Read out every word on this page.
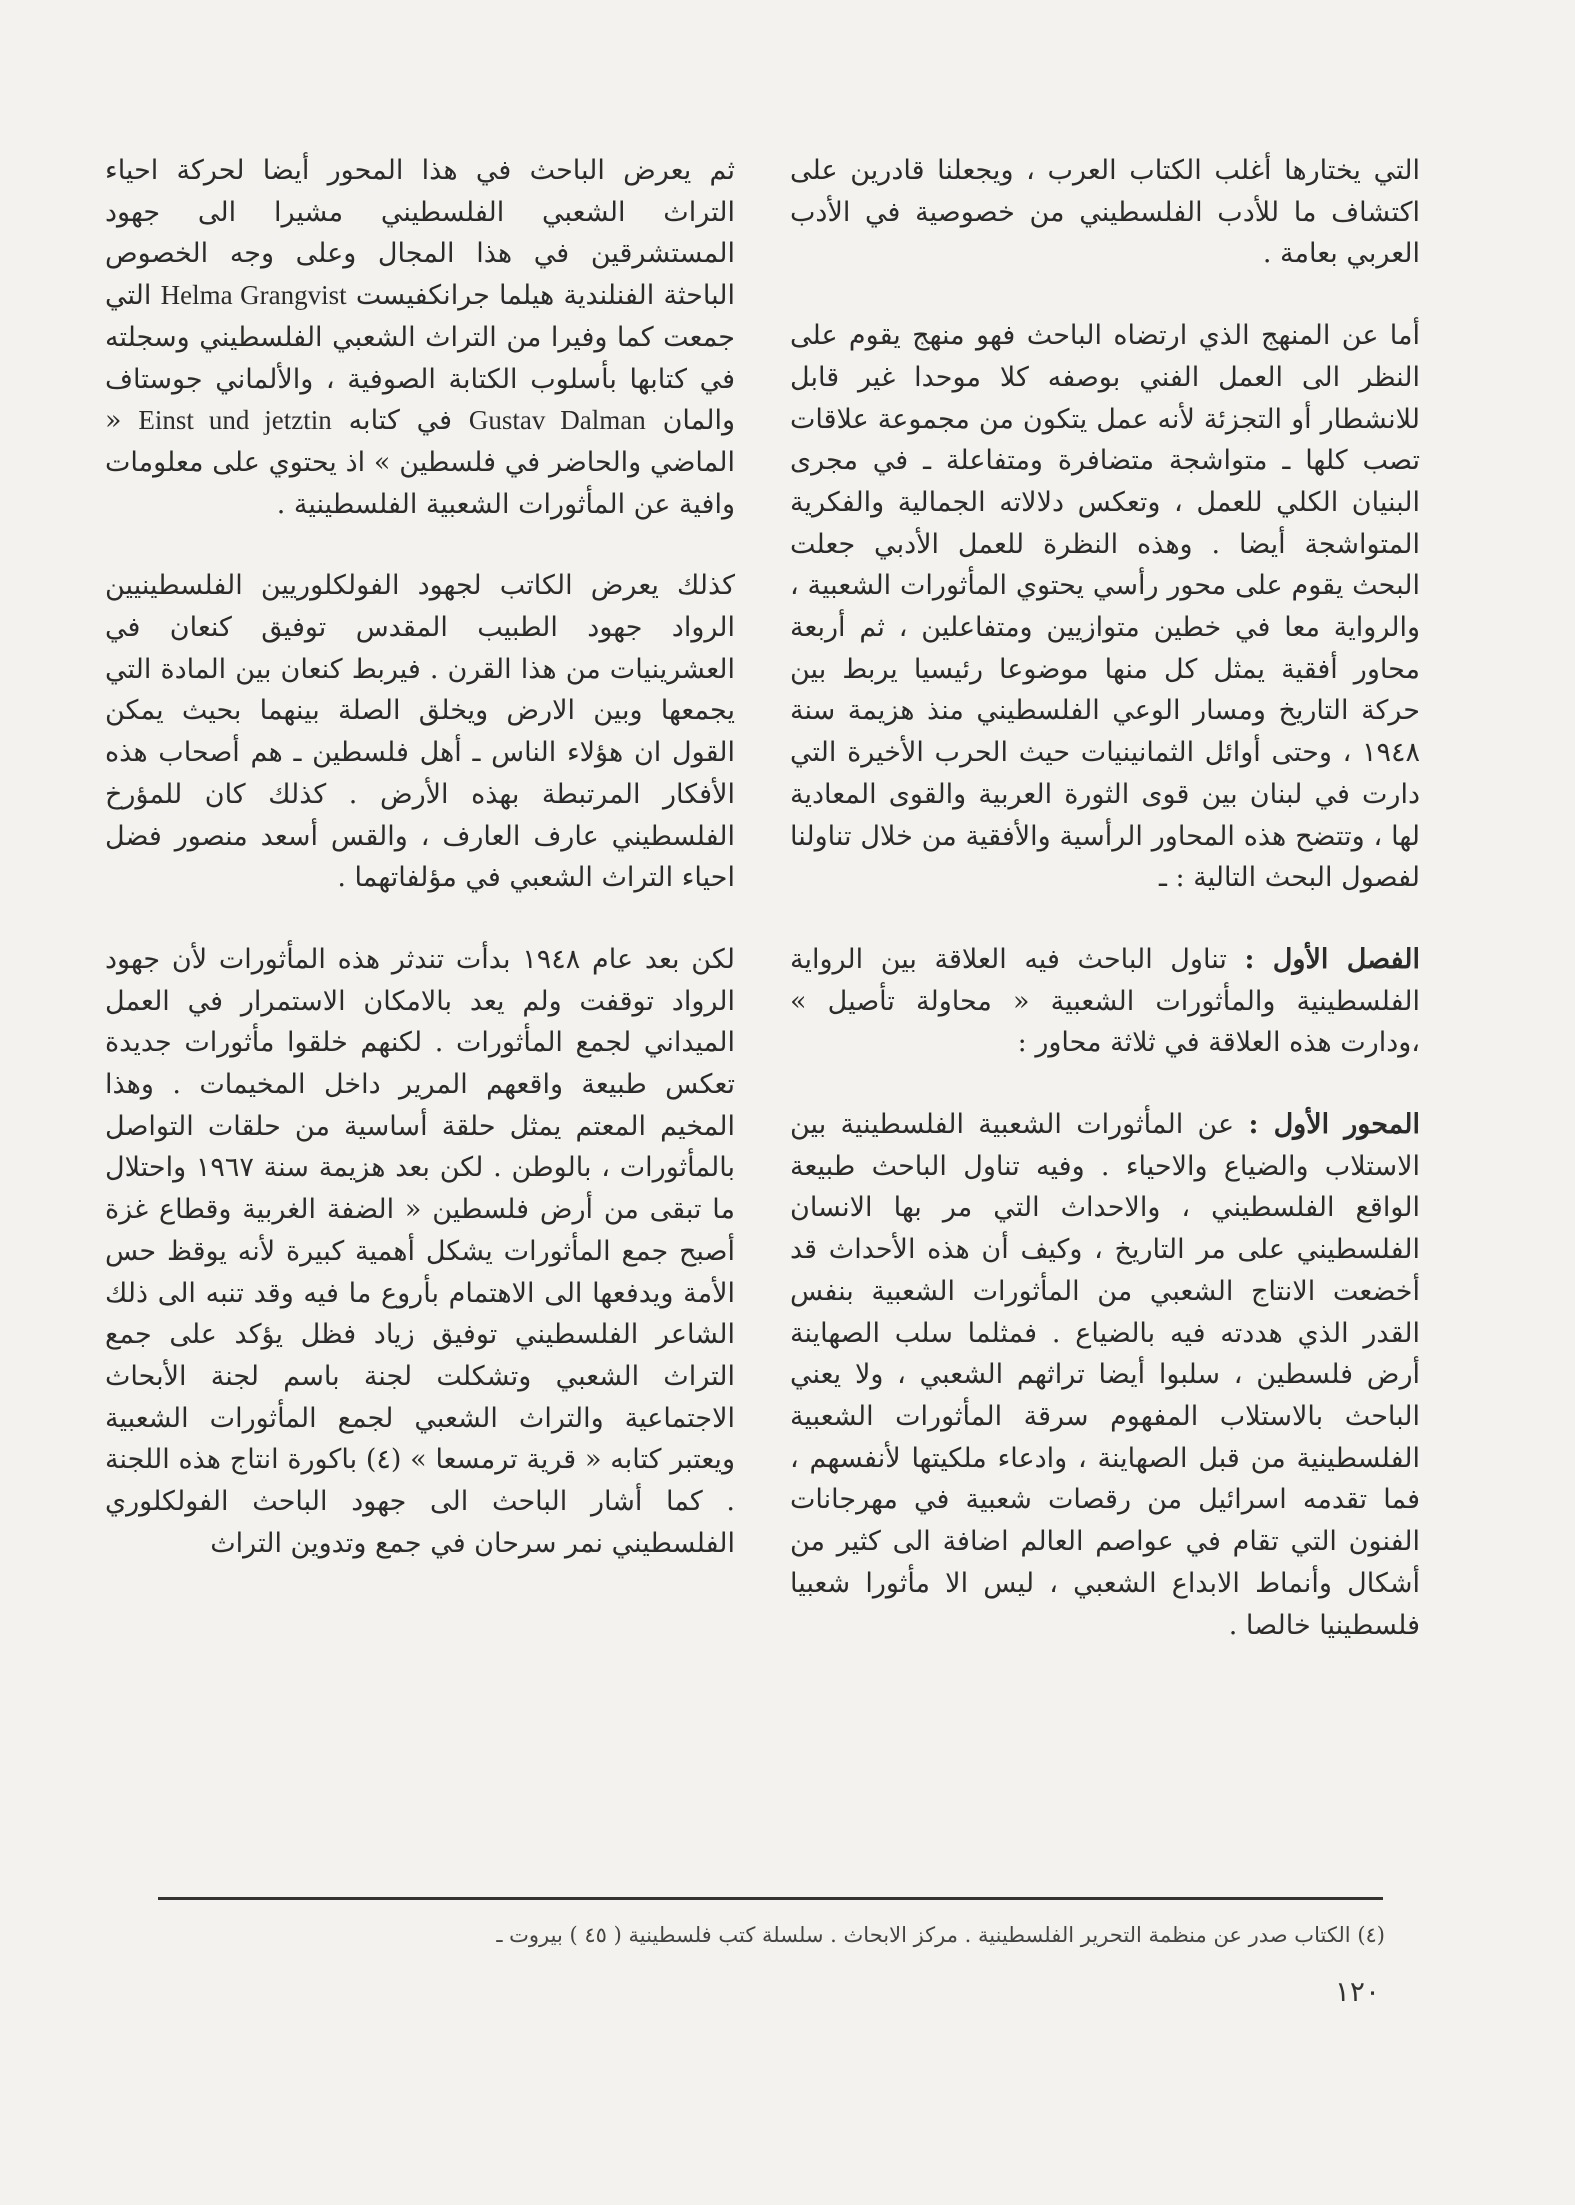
التي يختارها أغلب الكتاب العرب ، ويجعلنا قادرين على اكتشاف ما للأدب الفلسطيني من خصوصية في الأدب العربي بعامة .

أما عن المنهج الذي ارتضاه الباحث فهو منهج يقوم على النظر الى العمل الفني بوصفه كلا موحدا غير قابل للانشطار أو التجزئة لأنه عمل يتكون من مجموعة علاقات تصب كلها ـ متواشجة متضافرة ومتفاعلة ـ في مجرى البنيان الكلي للعمل ، وتعكس دلالاته الجمالية والفكرية المتواشجة أيضا . وهذه النظرة للعمل الأدبي جعلت البحث يقوم على محور رأسي يحتوي المأثورات الشعبية ، والرواية معا في خطين متوازيين ومتفاعلين ، ثم أربعة محاور أفقية يمثل كل منها موضوعا رئيسيا يربط بين حركة التاريخ ومسار الوعي الفلسطيني منذ هزيمة سنة ١٩٤٨ ، وحتى أوائل الثمانينيات حيث الحرب الأخيرة التي دارت في لبنان بين قوى الثورة العربية والقوى المعادية لها ، وتتضح هذه المحاور الرأسية والأفقية من خلال تناولنا لفصول البحث التالية : ـ

الفصل الأول : تناول الباحث فيه العلاقة بين الرواية الفلسطينية والمأثورات الشعبية « محاولة تأصيل » ،ودارت هذه العلاقة في ثلاثة محاور :

المحور الأول : عن المأثورات الشعبية الفلسطينية بين الاستلاب والضياع والاحياء . وفيه تناول الباحث طبيعة الواقع الفلسطيني ، والاحداث التي مر بها الانسان الفلسطيني على مر التاريخ ، وكيف أن هذه الأحداث قد أخضعت الانتاج الشعبي من المأثورات الشعبية بنفس القدر الذي هددته فيه بالضياع . فمثلما سلب الصهاينة أرض فلسطين ، سلبوا أيضا تراثهم الشعبي ، ولا يعني الباحث بالاستلاب المفهوم سرقة المأثورات الشعبية الفلسطينية من قبل الصهاينة ، وادعاء ملكيتها لأنفسهم ، فما تقدمه اسرائيل من رقصات شعبية في مهرجانات الفنون التي تقام في عواصم العالم اضافة الى كثير من أشكال وأنماط الابداع الشعبي ، ليس الا مأثورا شعبيا فلسطينيا خالصا .

ثم يعرض الباحث في هذا المحور أيضا لحركة احياء التراث الشعبي الفلسطيني مشيرا الى جهود المستشرقين في هذا المجال وعلى وجه الخصوص الباحثة الفنلندية هيلما جرانكفيست Helma Grangvist التي جمعت كما وفيرا من التراث الشعبي الفلسطيني وسجلته في كتابها بأسلوب الكتابة الصوفية ، والألماني جوستاف والمان Gustav Dalman في كتابه Einst und jetztin « الماضي والحاضر في فلسطين » اذ يحتوي على معلومات وافية عن المأثورات الشعبية الفلسطينية .

كذلك يعرض الكاتب لجهود الفولكلوريين الفلسطينيين الرواد جهود الطبيب المقدس توفيق كنعان في العشرينيات من هذا القرن . فيربط كنعان بين المادة التي يجمعها وبين الارض ويخلق الصلة بينهما بحيث يمكن القول ان هؤلاء الناس ـ أهل فلسطين ـ هم أصحاب هذه الأفكار المرتبطة بهذه الأرض . كذلك كان للمؤرخ الفلسطيني عارف العارف ، والقس أسعد منصور فضل احياء التراث الشعبي في مؤلفاتهما .

لكن بعد عام ١٩٤٨ بدأت تندثر هذه المأثورات لأن جهود الرواد توقفت ولم يعد بالامكان الاستمرار في العمل الميداني لجمع المأثورات . لكنهم خلقوا مأثورات جديدة تعكس طبيعة واقعهم المرير داخل المخيمات . وهذا المخيم المعتم يمثل حلقة أساسية من حلقات التواصل بالمأثورات ، بالوطن . لكن بعد هزيمة سنة ١٩٦٧ واحتلال ما تبقى من أرض فلسطين « الضفة الغربية وقطاع غزة أصبح جمع المأثورات يشكل أهمية كبيرة لأنه يوقظ حس الأمة ويدفعها الى الاهتمام بأروع ما فيه وقد تنبه الى ذلك الشاعر الفلسطيني توفيق زياد فظل يؤكد على جمع التراث الشعبي وتشكلت لجنة باسم لجنة الأبحاث الاجتماعية والتراث الشعبي لجمع المأثورات الشعبية ويعتبر كتابه « قرية ترمسعا » (٤) باكورة انتاج هذه اللجنة . كما أشار الباحث الى جهود الباحث الفولكلوري الفلسطيني نمر سرحان في جمع وتدوين التراث

(٤) الكتاب صدر عن منظمة التحرير الفلسطينية . مركز الابحاث . سلسلة كتب فلسطينية ( ٤٥ ) بيروت ـ
١٢٠
